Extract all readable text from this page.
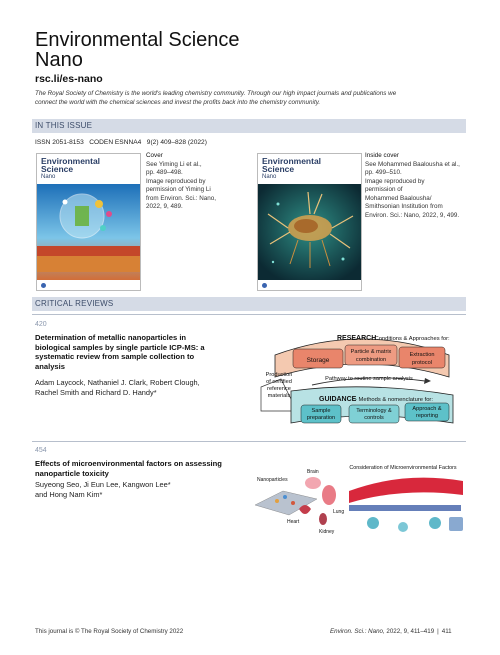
Environmental Science
Nano
rsc.li/es-nano
The Royal Society of Chemistry is the world's leading chemistry community. Through our high impact journals and publications we
connect the world with the chemical sciences and invest the profits back into the chemistry community.
IN THIS ISSUE
ISSN 2051-8153 CODEN ESNNA4 9(2) 409–828 (2022)
Environmental
Science
Nano
Cover
See Yiming Li et al.,
pp. 489–498.
Image reproduced by
permission of Yiming Li
from Environ. Sci.: Nano,
2022, 9, 489.
Environmental
Science
Nano
Inside cover
See Mohammed Baalousha et al.,
pp. 499–510.
Image reproduced by
permission of
Mohammed Baalousha/
Smithsonian Institution from
Environ. Sci.: Nano, 2022, 9, 499.
CRITICAL REVIEWS
420
Determination of metallic nanoparticles in
biological samples by single particle ICP-MS: a
systematic review from sample collection to
analysis
Adam Laycock, Nathaniel J. Clark, Robert Clough,
Rachel Smith and Richard D. Handy*
RESEARCH
- Conditions & Approaches for:
Storage
Particle & matrix
combination
Extraction
protocol
Pathway to routine sample analysis
Production
of certified
reference
materials	GUIDANCE
- Methods & nomenclature for:
Sample
preparation
Terminology &
controls
Approach &
reporting
454
Effects of microenvironmental factors on assessing
nanoparticle toxicity
Suyeong Seo, Ji Eun Lee, Kangwon Lee*
and Hong Nam Kim*
Nanoparticles
Brain
Lung
Heart
Kidney
Consideration of Microenvironmental Factors
This journal is © The Royal Society of Chemistry 2022	Environ. Sci.: Nano, 2022, 9, 411–419 | 411
